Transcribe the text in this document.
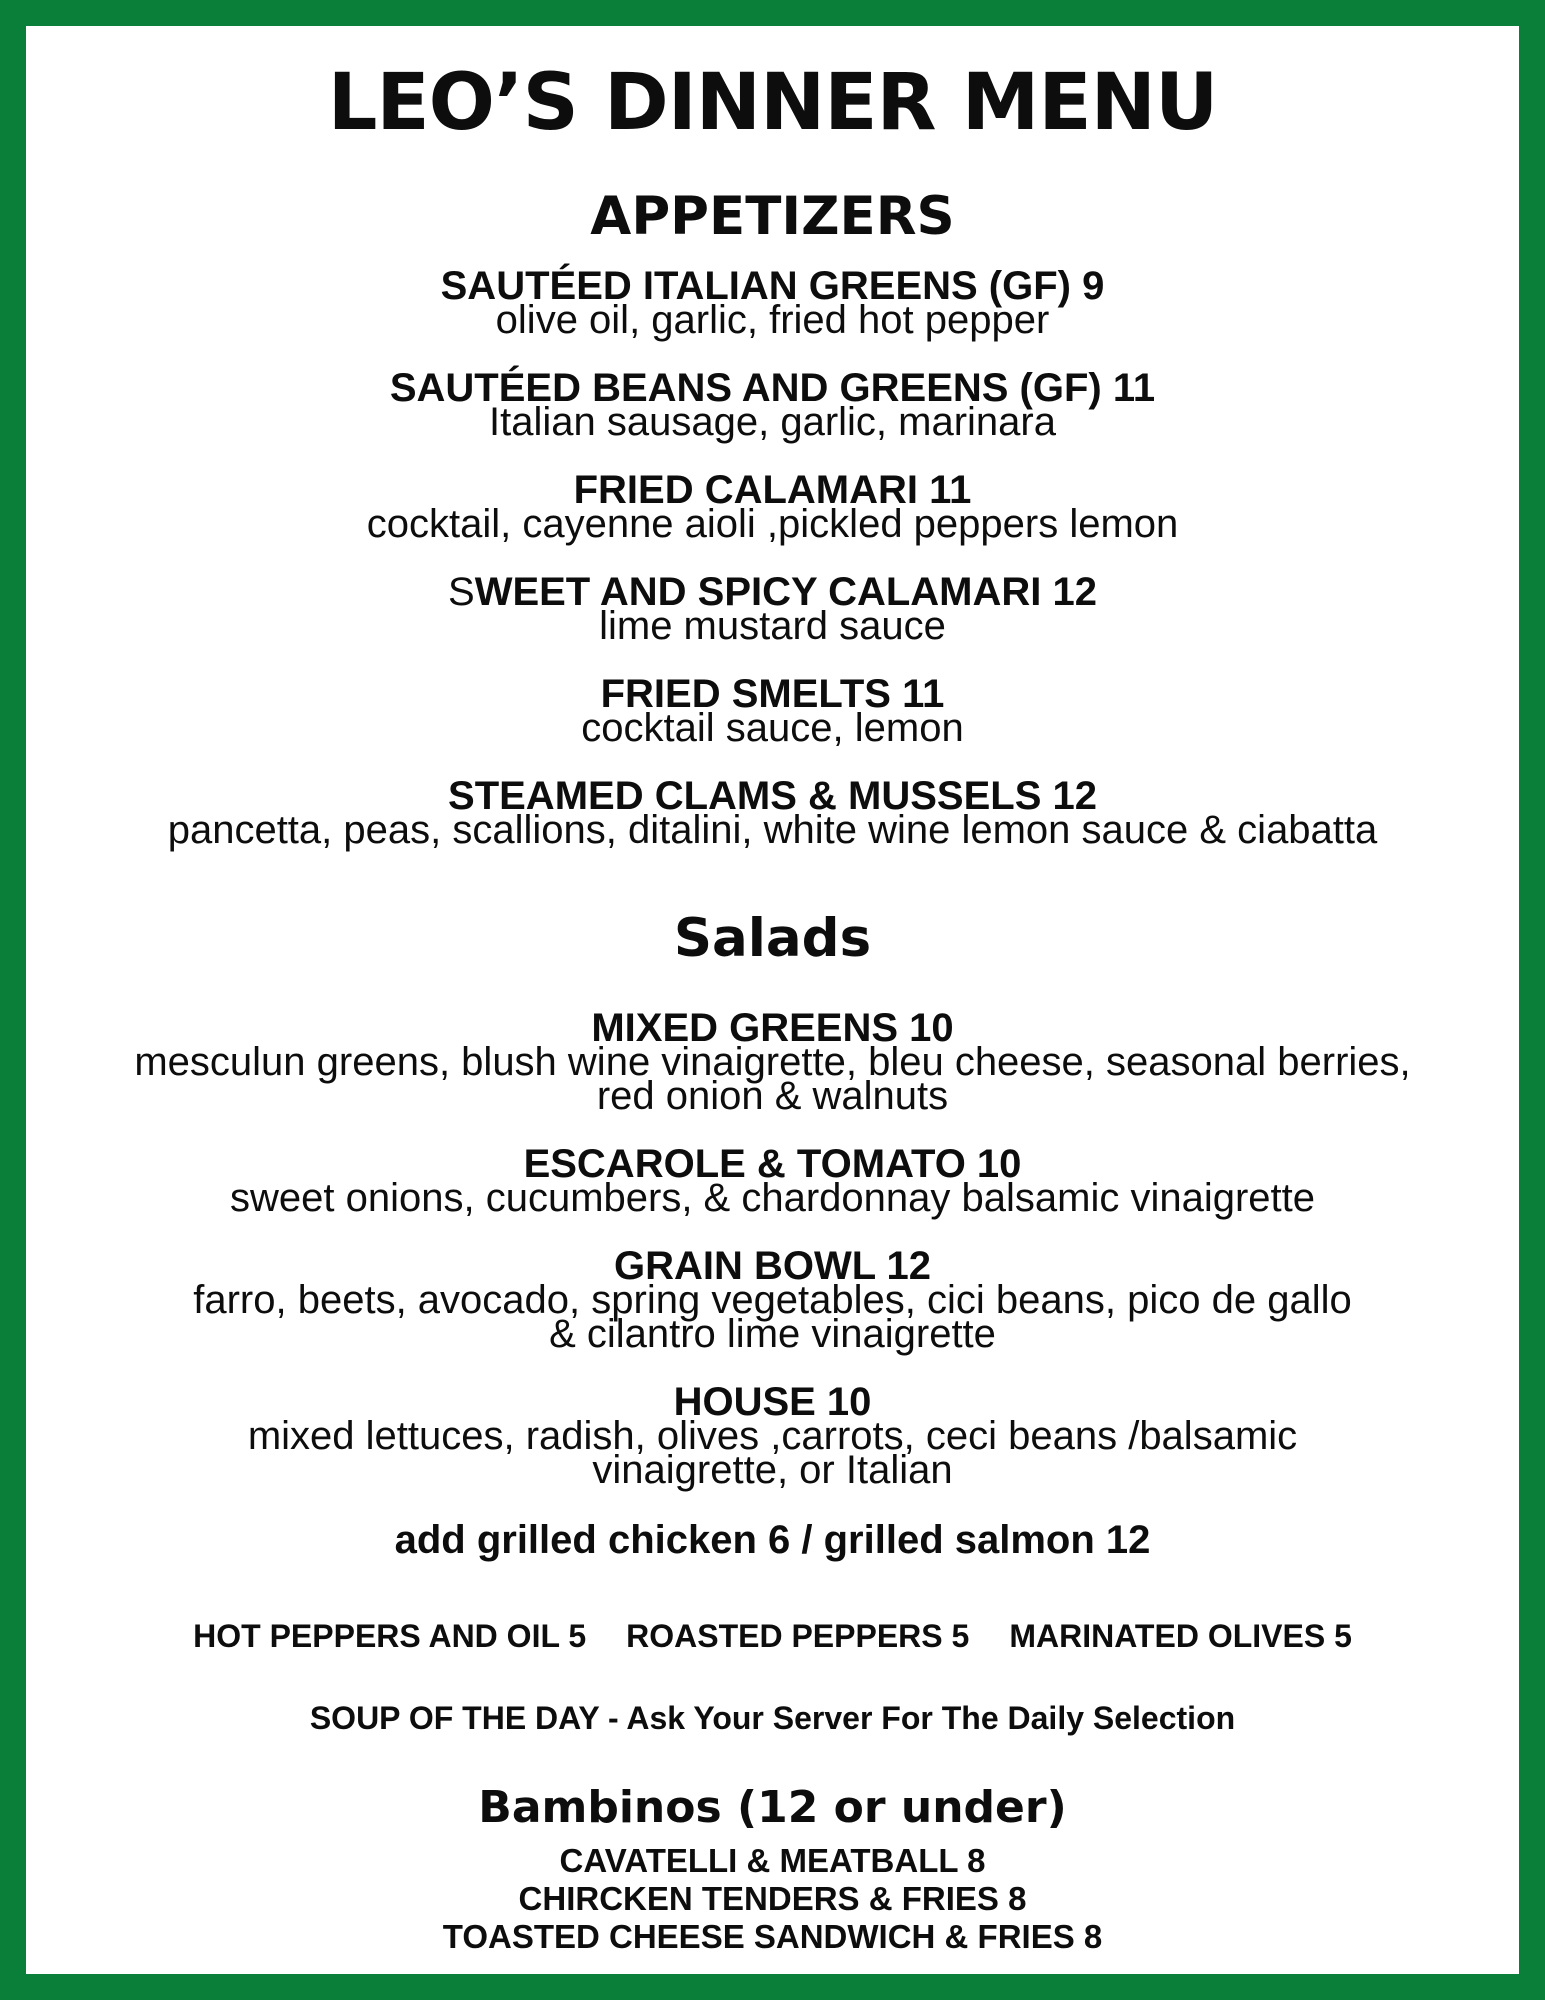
LEO’S DINNER MENU
APPETIZERS
SAUTÉED ITALIAN GREENS (GF) 9
olive oil, garlic, fried hot pepper
SAUTÉED BEANS AND GREENS (GF) 11
Italian sausage, garlic, marinara
FRIED CALAMARI 11
cocktail, cayenne aioli ,pickled peppers lemon
SWEET AND SPICY CALAMARI 12
lime mustard sauce
FRIED SMELTS 11
cocktail sauce, lemon
STEAMED CLAMS & MUSSELS 12
pancetta, peas, scallions, ditalini, white wine lemon sauce & ciabatta
Salads
MIXED GREENS 10
mesculun greens, blush wine vinaigrette, bleu cheese, seasonal berries,
red onion & walnuts
ESCAROLE & TOMATO 10
sweet onions, cucumbers, & chardonnay balsamic vinaigrette
GRAIN BOWL 12
farro, beets, avocado, spring vegetables, cici beans, pico de gallo
& cilantro lime vinaigrette
HOUSE 10
mixed lettuces, radish, olives ,carrots, ceci beans /balsamic
vinaigrette, or Italian
add grilled chicken 6 / grilled salmon 12
HOT PEPPERS AND OIL 5 ROASTED PEPPERS 5 MARINATED OLIVES 5
SOUP OF THE DAY - Ask Your Server For The Daily Selection
Bambinos (12 or under)
CAVATELLI & MEATBALL 8
CHIRCKEN TENDERS & FRIES 8
TOASTED CHEESE SANDWICH & FRIES 8
